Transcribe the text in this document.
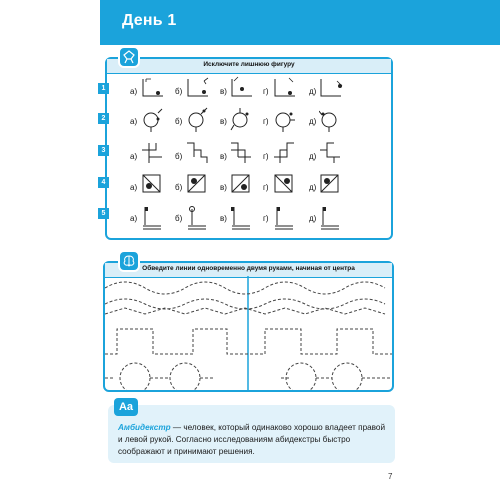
День 1
Исключите лишнюю фигуру
1
2
3
4
5
а)	б)	в)	г)	д)
а)	б)	в)	г)	д)
а)	б)	в)	г)	д)
а)	б)	в)	г)	д)
а)	б)	в)	г)	д)
Обведите линии одновременно двумя руками, начиная от центра
Aa
Амбидекстр — человек, который одинаково хорошо владеет правой и левой рукой. Согласно исследованиям абидекстры быстро соображают и принимают решения.
7
